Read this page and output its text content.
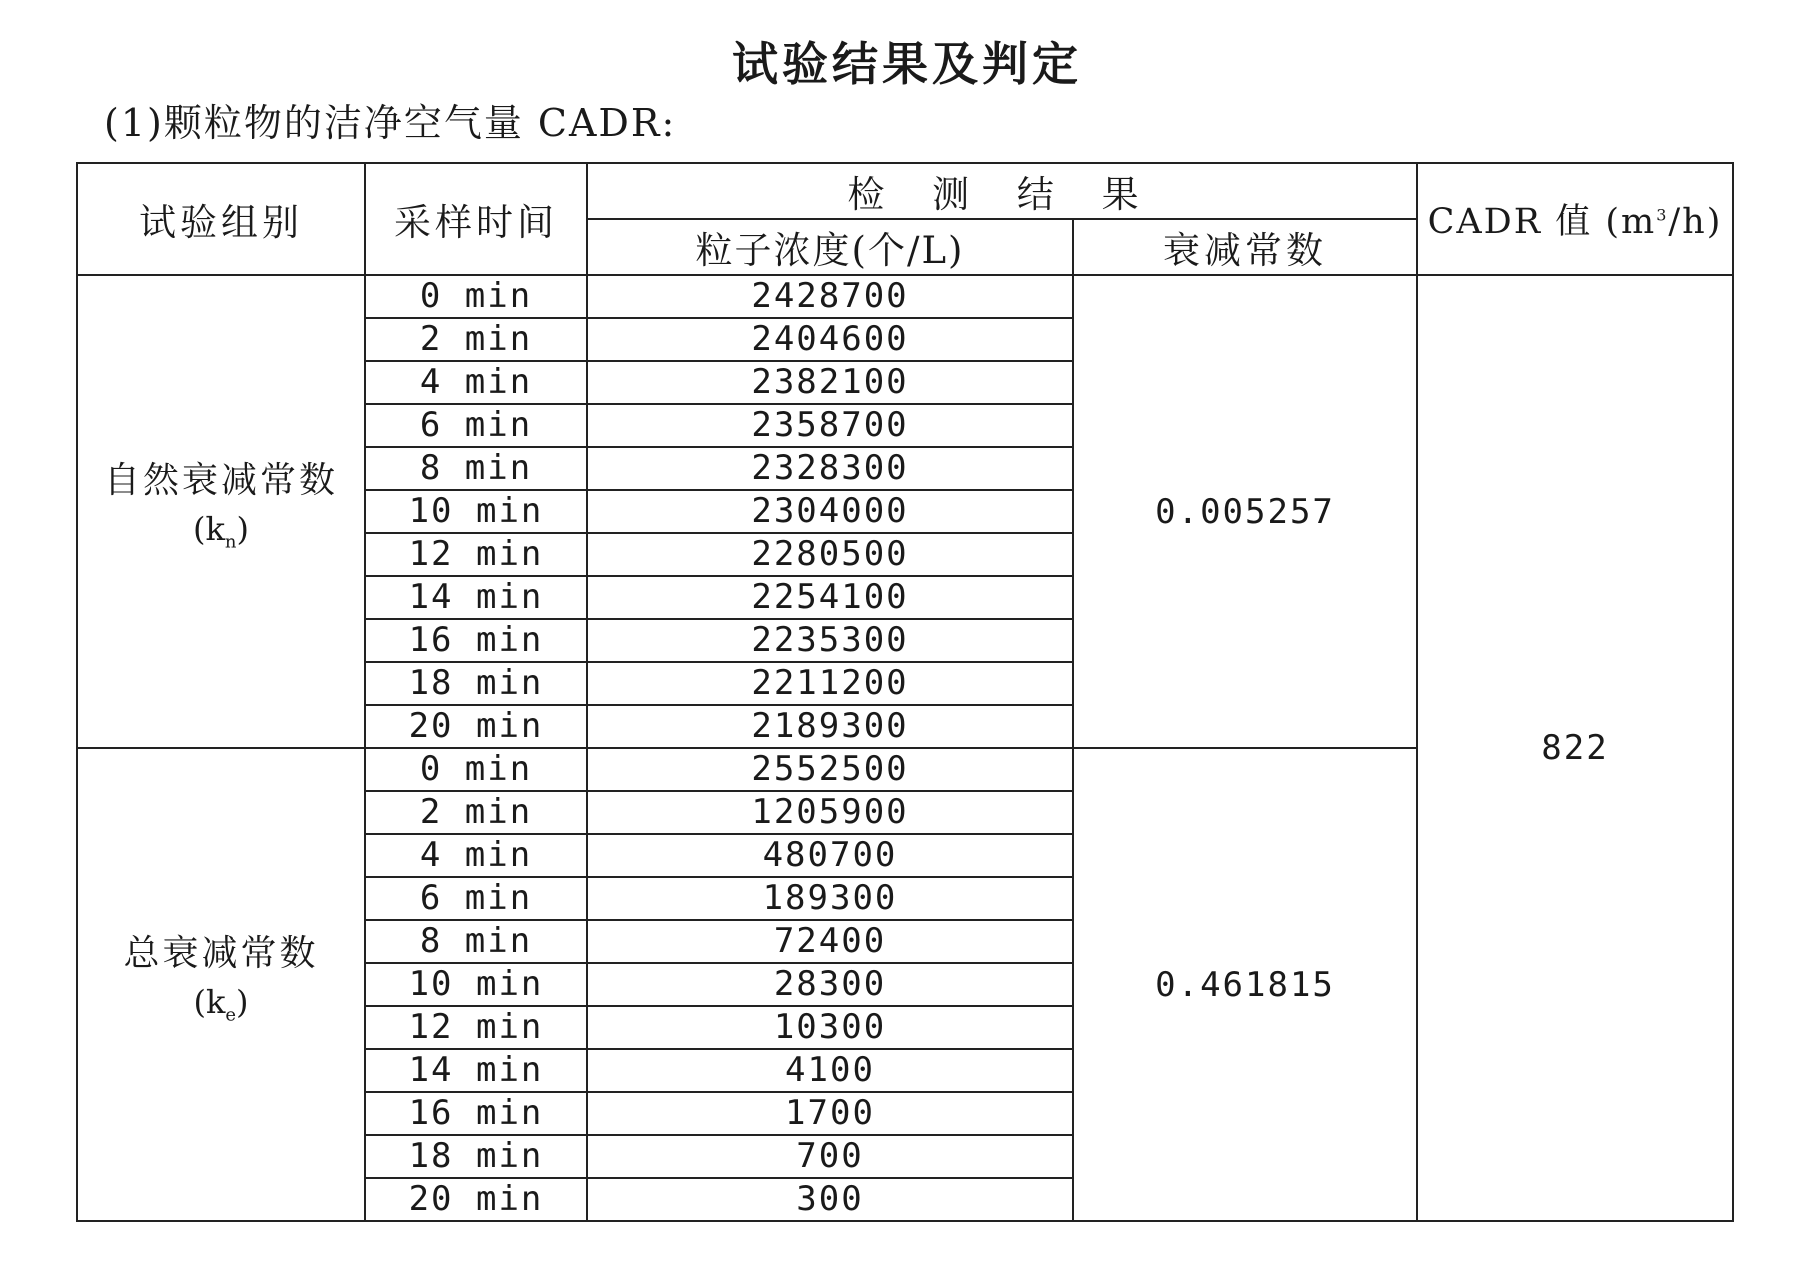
试验结果及判定
(1)颗粒物的洁净空气量 CADR:
试验组别	采样时间	检 测 结 果		CADR 值 $(m^3/h)$
		粒子浓度(个/L)	衰减常数	

自然衰减常数
$(k_n)$	0 min	2428700	0.005257	822
	2 min	2404600		
	4 min	2382100		
	6 min	2358700		
	8 min	2328300		
	10 min	2304000		
	12 min	2280500		
	14 min	2254100		
	16 min	2235300		
	18 min	2211200		
	20 min	2189300		

总衰减常数
$(k_e)$	0 min	2552500	0.461815	
	2 min	1205900		
	4 min	480700		
	6 min	189300		
	8 min	72400		
	10 min	28300		
	12 min	10300		
	14 min	4100		
	16 min	1700		
	18 min	700		
	20 min	300		
